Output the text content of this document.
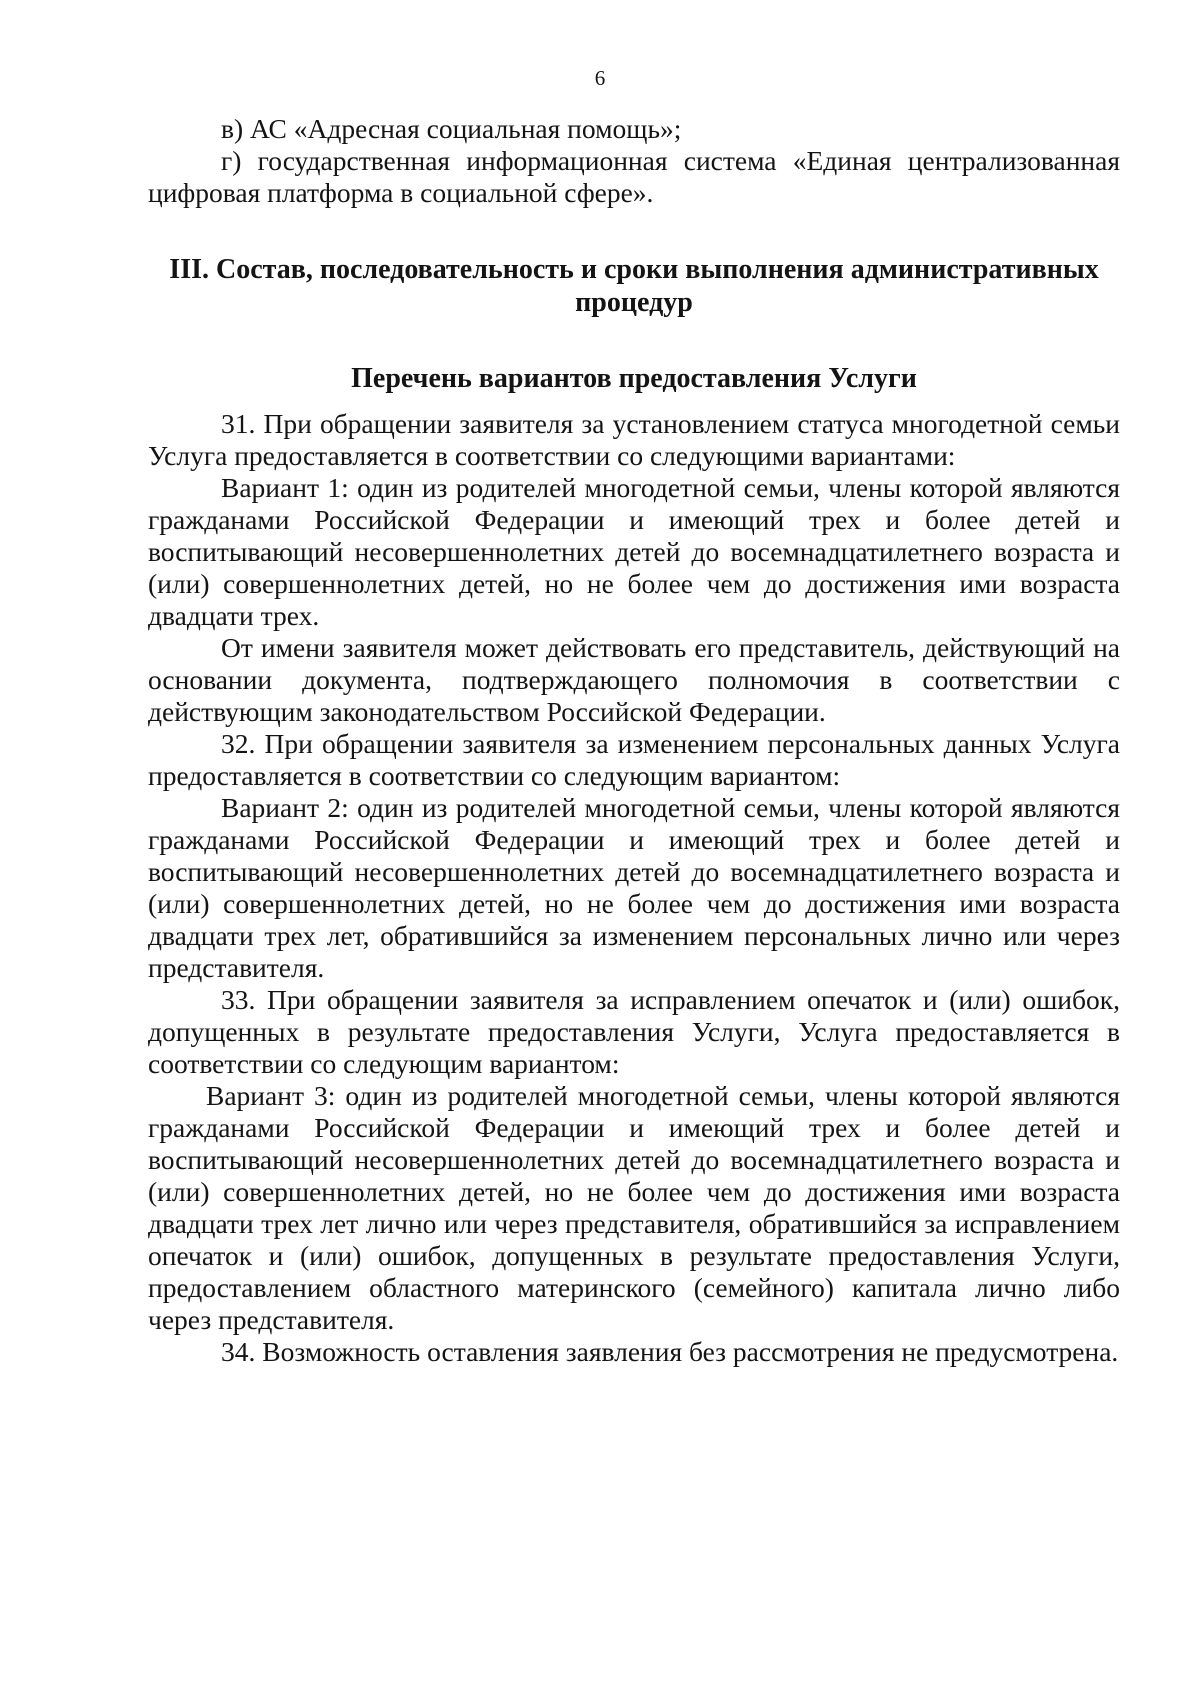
6

в) АС «Адресная социальная помощь»;

г) государственная информационная система «Единая централизованная цифровая платформа в социальной сфере».

III. Состав, последовательность и сроки выполнения административных процедур
Перечень вариантов предоставления Услуги

31. При обращении заявителя за установлением статуса многодетной семьи Услуга предоставляется в соответствии со следующими вариантами:

Вариант 1: один из родителей многодетной семьи, члены которой являются гражданами Российской Федерации и имеющий трех и более детей и воспитывающий несовершеннолетних детей до восемнадцатилетнего возраста и (или) совершеннолетних детей, но не более чем до достижения ими возраста двадцати трех.

От имени заявителя может действовать его представитель, действующий на основании документа, подтверждающего полномочия в соответствии с действующим законодательством Российской Федерации.

32. При обращении заявителя за изменением персональных данных Услуга предоставляется в соответствии со следующим вариантом:

Вариант 2: один из родителей многодетной семьи, члены которой являются гражданами Российской Федерации и имеющий трех и более детей и воспитывающий несовершеннолетних детей до восемнадцатилетнего возраста и (или) совершеннолетних детей, но не более чем до достижения ими возраста двадцати трех лет, обратившийся за изменением персональных лично или через представителя.

33. При обращении заявителя за исправлением опечаток и (или) ошибок, допущенных в результате предоставления Услуги, Услуга предоставляется в соответствии со следующим вариантом:

Вариант 3: один из родителей многодетной семьи, члены которой являются гражданами Российской Федерации и имеющий трех и более детей и воспитывающий несовершеннолетних детей до восемнадцатилетнего возраста и (или) совершеннолетних детей, но не более чем до достижения ими возраста двадцати трех лет лично или через представителя, обратившийся за исправлением опечаток и (или) ошибок, допущенных в результате предоставления Услуги, предоставлением областного материнского (семейного) капитала лично либо через представителя.

34. Возможность оставления заявления без рассмотрения не предусмотрена.
